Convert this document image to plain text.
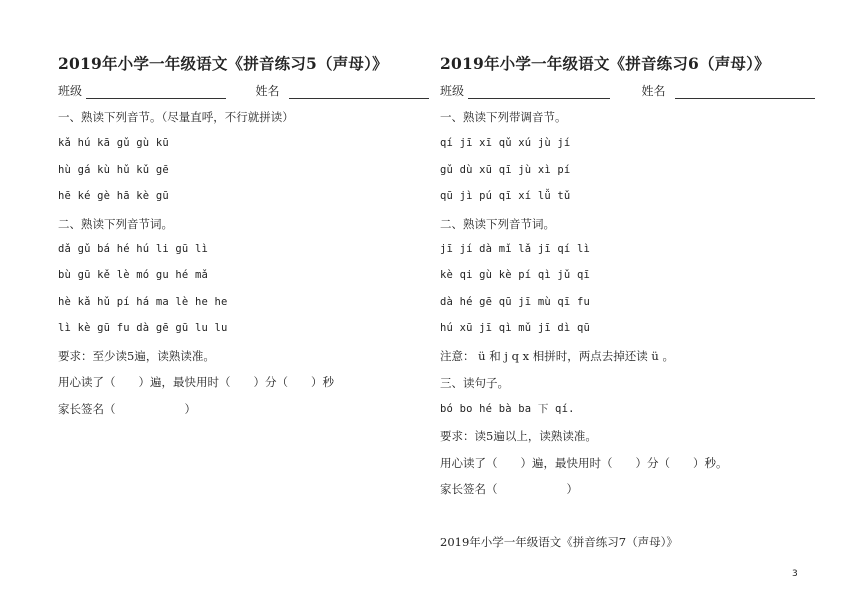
2019年小学一年级语文《拼音练习5（声母）》
班级	姓名
一、熟读下列音节。（尽量直呼，不行就拼读）
kǎ hú kā gǔ gù kū
hù gá kù hǔ kǔ gē
hē ké gè hā kè gū
二、熟读下列音节词。
dǎ gǔ bá hé hú li gū lì
bù gū kě lè mó gu hé mǎ
hè kǎ hǔ pí há ma lè he he
lì kè gū fu dà gē gū lu lu
要求：至少读5遍，读熟读准。
用心读了（　　）遍，最快用时（　　）分（　　）秒
家长签名（　　　　　　）
2019年小学一年级语文《拼音练习6（声母）》
班级	姓名
一、熟读下列带调音节。
qí jī xī qǔ xú jù jí
gǔ dù xū qī jù xì pí
qū jì pú qī xí lǚ tǔ
二、熟读下列音节词。
jī jí dà mǐ lǎ jī qí lì
kè qi gù kè pí qì jǔ qī
dà hé gē qū jī mù qī fu
hú xū jī qì mǔ jī dì qū
注意： ü 和 j q x 相拼时，两点去掉还读 ü 。
三、读句子。
bó bo hé bà ba 下 qí.
要求：读5遍以上，读熟读准。
用心读了（　　）遍，最快用时（　　）分（　　）秒。
家长签名（　　　　　　）
2019年小学一年级语文《拼音练习7（声母）》
3
